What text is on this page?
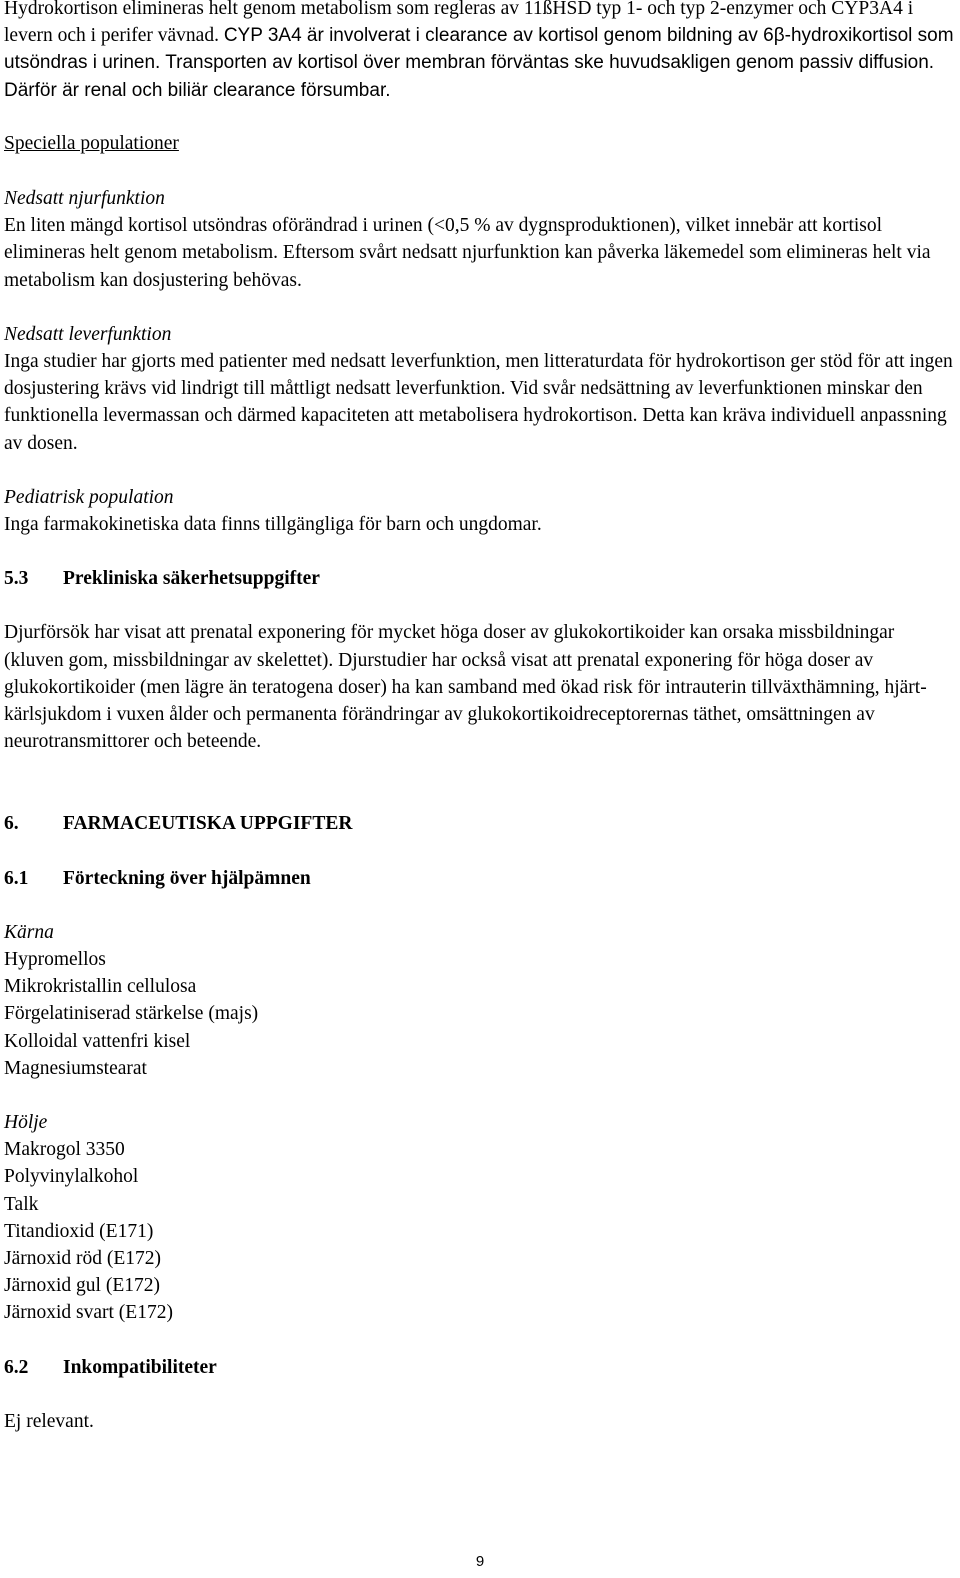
Hydrokortison elimineras helt genom metabolism som regleras av 11ßHSD typ 1- och typ 2-enzymer och CYP3A4 i levern och i perifer vävnad. CYP 3A4 är involverat i clearance av kortisol genom bildning av 6β-hydroxikortisol som utsöndras i urinen. Transporten av kortisol över membran förväntas ske huvudsakligen genom passiv diffusion. Därför är renal och biliär clearance försumbar.

Speciella populationer

Nedsatt njurfunktion

En liten mängd kortisol utsöndras oförändrad i urinen (<0,5 % av dygnsproduktionen), vilket innebär att kortisol elimineras helt genom metabolism. Eftersom svårt nedsatt njurfunktion kan påverka läkemedel som elimineras helt via metabolism kan dosjustering behövas.

Nedsatt leverfunktion

Inga studier har gjorts med patienter med nedsatt leverfunktion, men litteraturdata för hydrokortison ger stöd för att ingen dosjustering krävs vid lindrigt till måttligt nedsatt leverfunktion. Vid svår nedsättning av leverfunktionen minskar den funktionella levermassan och därmed kapaciteten att metabolisera hydrokortison. Detta kan kräva individuell anpassning av dosen.

Pediatrisk population

Inga farmakokinetiska data finns tillgängliga för barn och ungdomar.

5.3	Prekliniska säkerhetsuppgifter

Djurförsök har visat att prenatal exponering för mycket höga doser av glukokortikoider kan orsaka missbildningar (kluven gom, missbildningar av skelettet). Djurstudier har också visat att prenatal exponering för höga doser av glukokortikoider (men lägre än teratogena doser) ha kan samband med ökad risk för intrauterin tillväxthämning, hjärt-kärlsjukdom i vuxen ålder och permanenta förändringar av glukokortikoidreceptorernas täthet, omsättningen av neurotransmittorer och beteende.

6.	FARMACEUTISKA UPPGIFTER
6.1	Förteckning över hjälpämnen

Kärna

Hypromellos
Mikrokristallin cellulosa
Förgelatiniserad stärkelse (majs)
Kolloidal vattenfri kisel
Magnesiumstearat

Hölje

Makrogol 3350
Polyvinylalkohol
Talk
Titandioxid (E171)
Järnoxid röd (E172)
Järnoxid gul (E172)
Järnoxid svart (E172)
6.2	Inkompatibiliteter

Ej relevant.

9
